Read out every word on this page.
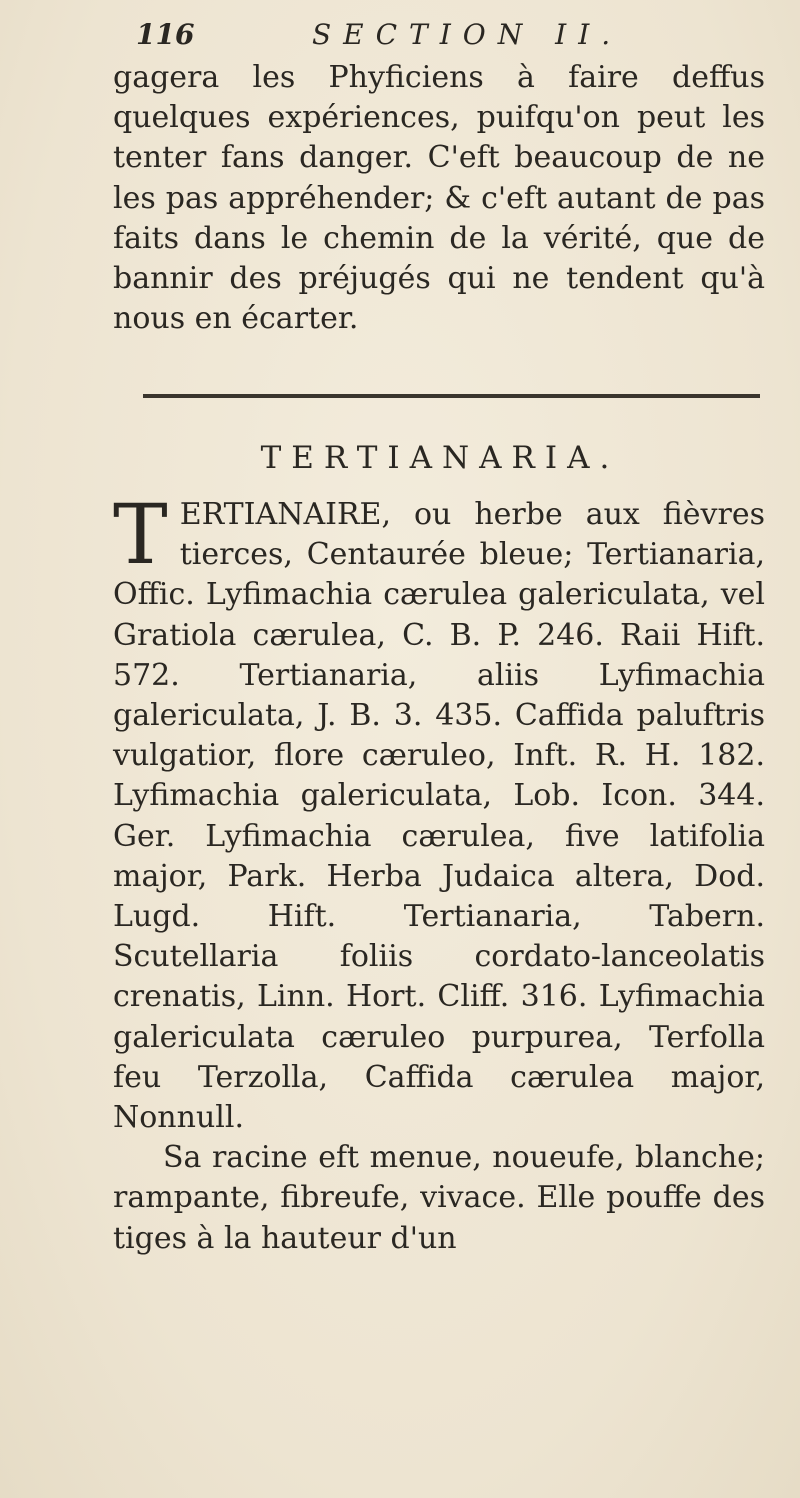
116	SECTION II.

gagera les Phyficiens à faire deffus quelques expériences, puifqu'on peut les tenter fans danger. C'eft beaucoup de ne les pas appréhender; & c'eft autant de pas faits dans le chemin de la vérité, que de bannir des préjugés qui ne tendent qu'à nous en écarter.

TERTIANARIA.

TERTIANAIRE, ou herbe aux fièvres tierces, Centaurée bleue; Tertianaria, Offic. Lyfimachia cærulea galericulata, vel Gratiola cærulea, C. B. P. 246. Raii Hift. 572. Tertianaria, aliis Lyfimachia galericulata, J. B. 3. 435. Caffida paluftris vulgatior, flore cæruleo, Inft. R. H. 182. Lyfimachia galericulata, Lob. Icon. 344. Ger. Lyfimachia cærulea, five latifolia major, Park. Herba Judaica altera, Dod. Lugd. Hift. Tertianaria, Tabern. Scutellaria foliis cordato-lanceolatis crenatis, Linn. Hort. Cliff. 316. Lyfimachia galericulata cæruleo purpurea, Terfolla feu Terzolla, Caffida cærulea major, Nonnull.

Sa racine eft menue, noueufe, blanche; rampante, fibreufe, vivace. Elle pouffe des tiges à la hauteur d'un
